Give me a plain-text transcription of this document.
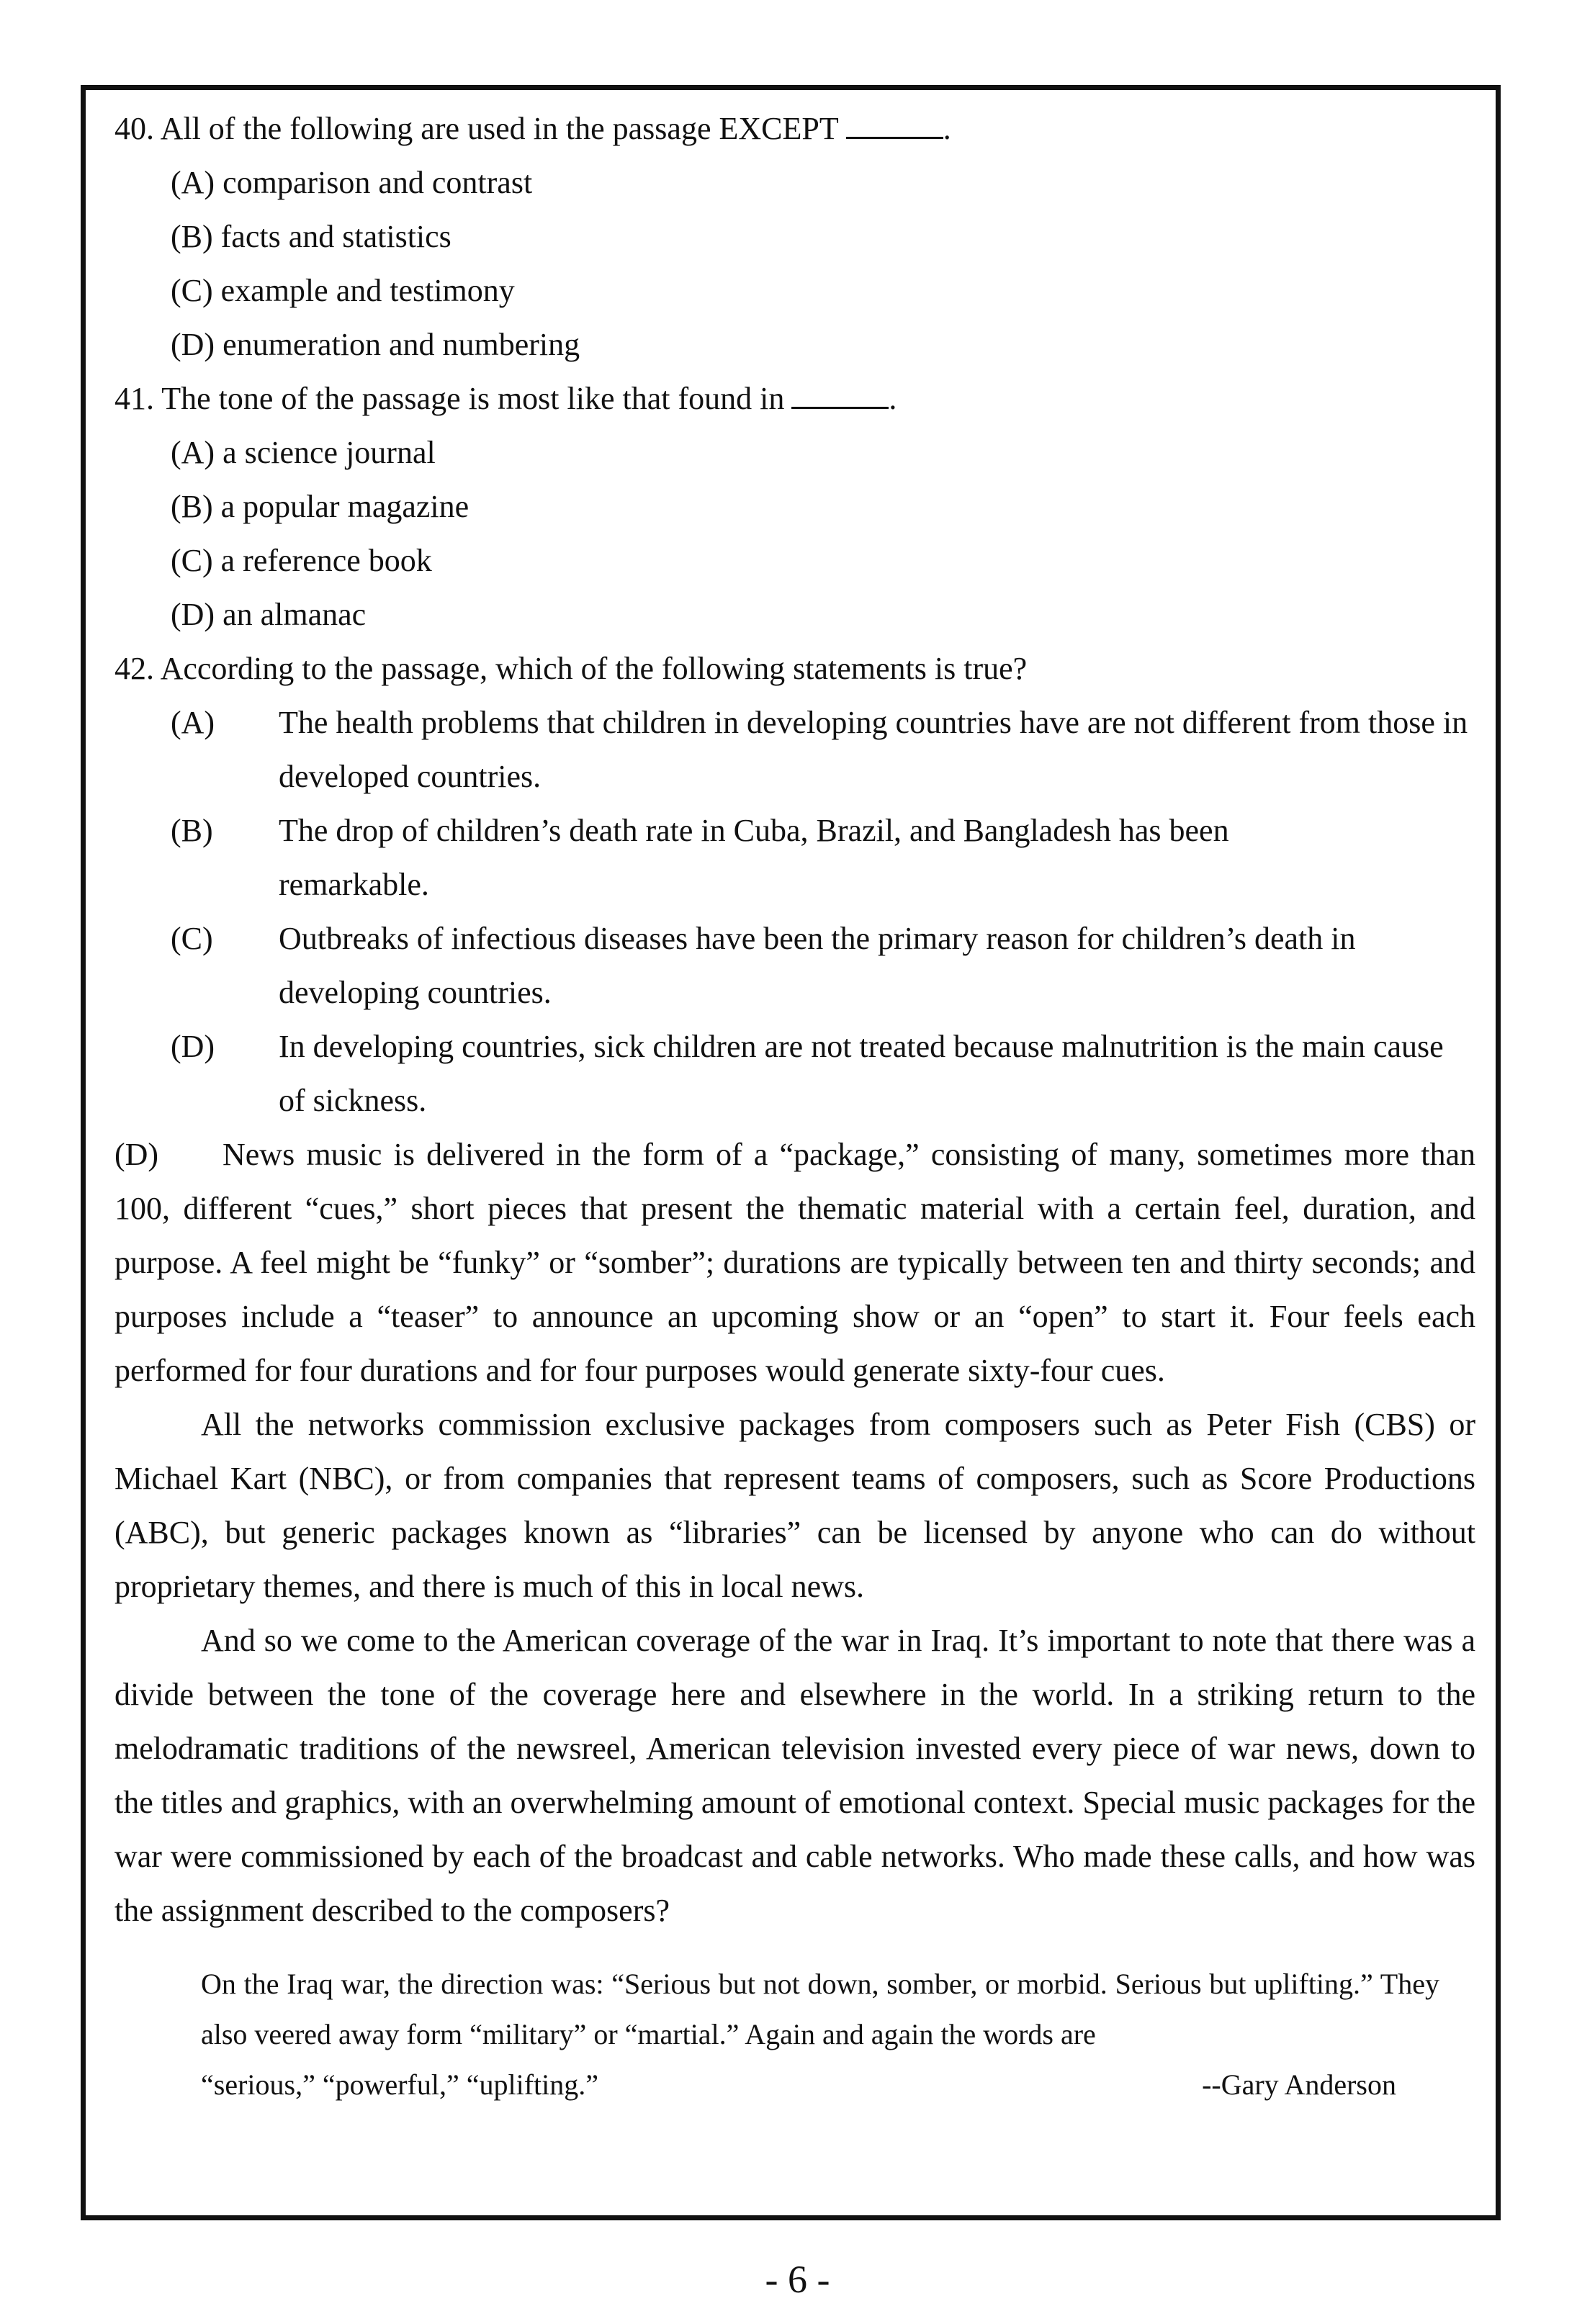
40. All of the following are used in the passage EXCEPT	.
(A) comparison and contrast
(B) facts and statistics
(C) example and testimony
(D) enumeration and numbering
41. The tone of the passage is most like that found in	.
(A) a science journal
(B) a popular magazine
(C) a reference book
(D) an almanac
42. According to the passage, which of the following statements is true?
(A)	The health problems that children in developing countries have are not different from those in developed countries.
(B)	The drop of children’s death rate in Cuba, Brazil, and Bangladesh has been remarkable.
(C)	Outbreaks of infectious diseases have been the primary reason for children’s death in developing countries.
(D)	In developing countries, sick children are not treated because malnutrition is the main cause of sickness.
(D) News music is delivered in the form of a “package,” consisting of many, sometimes more than 100, different “cues,” short pieces that present the thematic material with a certain feel, duration, and purpose. A feel might be “funky” or “somber”; durations are typically between ten and thirty seconds; and purposes include a “teaser” to announce an upcoming show or an “open” to start it. Four feels each performed for four durations and for four purposes would generate sixty-four cues.
All the networks commission exclusive packages from composers such as Peter Fish (CBS) or Michael Kart (NBC), or from companies that represent teams of composers, such as Score Productions (ABC), but generic packages known as “libraries” can be licensed by anyone who can do without proprietary themes, and there is much of this in local news.
And so we come to the American coverage of the war in Iraq. It’s important to note that there was a divide between the tone of the coverage here and elsewhere in the world. In a striking return to the melodramatic traditions of the newsreel, American television invested every piece of war news, down to the titles and graphics, with an overwhelming amount of emotional context. Special music packages for the war were commissioned by each of the broadcast and cable networks. Who made these calls, and how was the assignment described to the composers?
On the Iraq war, the direction was: “Serious but not down, somber, or morbid. Serious but uplifting.” They also veered away form “military” or “martial.” Again and again the words are
“serious,” “powerful,” “uplifting.”	--Gary Anderson
- 6 -
